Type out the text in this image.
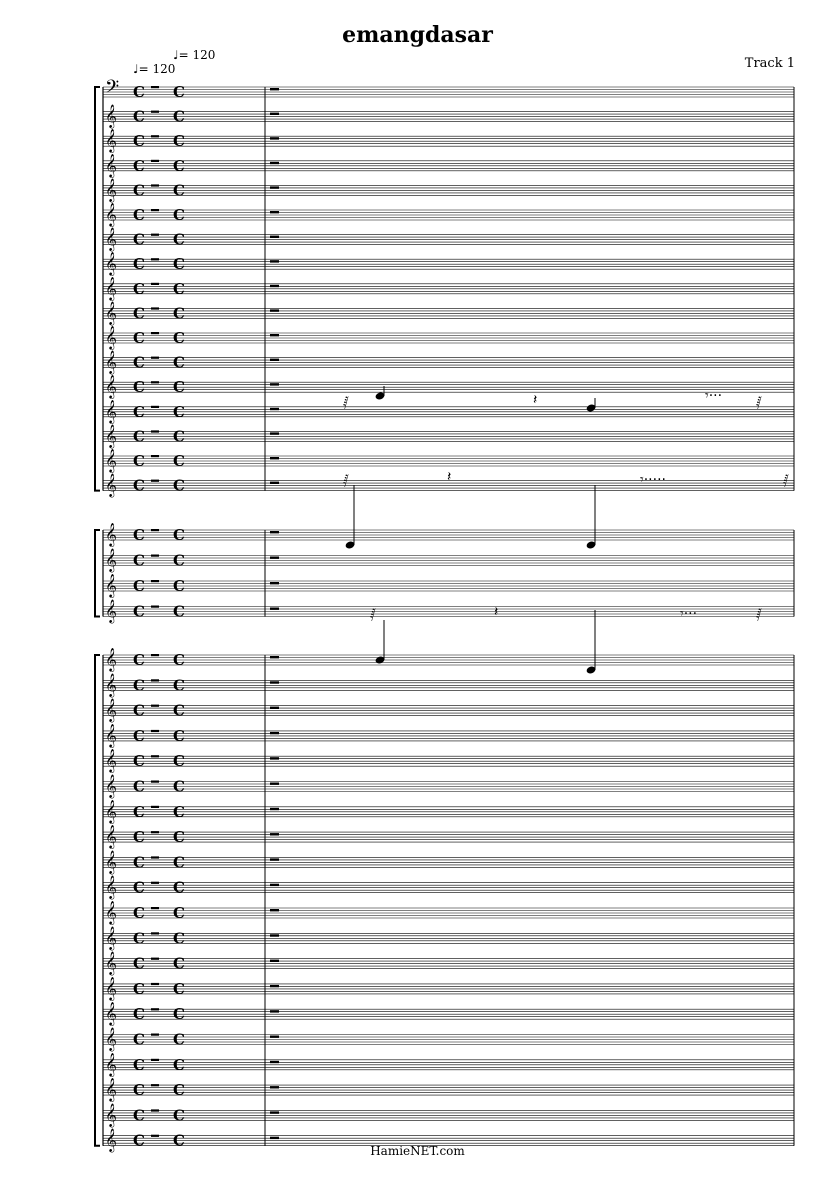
emangdasar
Track 1
♩= 120
♩= 120
𝄢 C C
𝄞 C C
𝄞 C C
𝄞 C C
𝄞 C C
𝄞 C C
𝄞 C C
𝄞 C C
𝄞 C C
𝄞 C C
𝄞 C C
𝄞 C C
𝄞 C C
𝄞 C C
𝄞 C C
𝄞 C C
𝄞 C C
𝄞 C C
𝄞 C C
𝄞 C C
𝄞 C C
𝄞 C C
𝄞 C C
𝄞 C C
𝄞 C C
𝄞 C C
𝄞 C C
𝄞 C C
𝄞 C C
𝄞 C C
𝄞 C C
𝄞 C C
𝄞 C C
𝄞 C C
𝄞 C C
𝄞 C C
𝄞 C C
𝄞 C C
𝄞 C C
𝄞 C C
𝄞 C C
𝄽
𝄽
𝄽
𝄾···
𝄾·····
𝄾···
𝅁
𝅁
𝅁
𝅁
𝅁
𝅁
HamieNET.com
